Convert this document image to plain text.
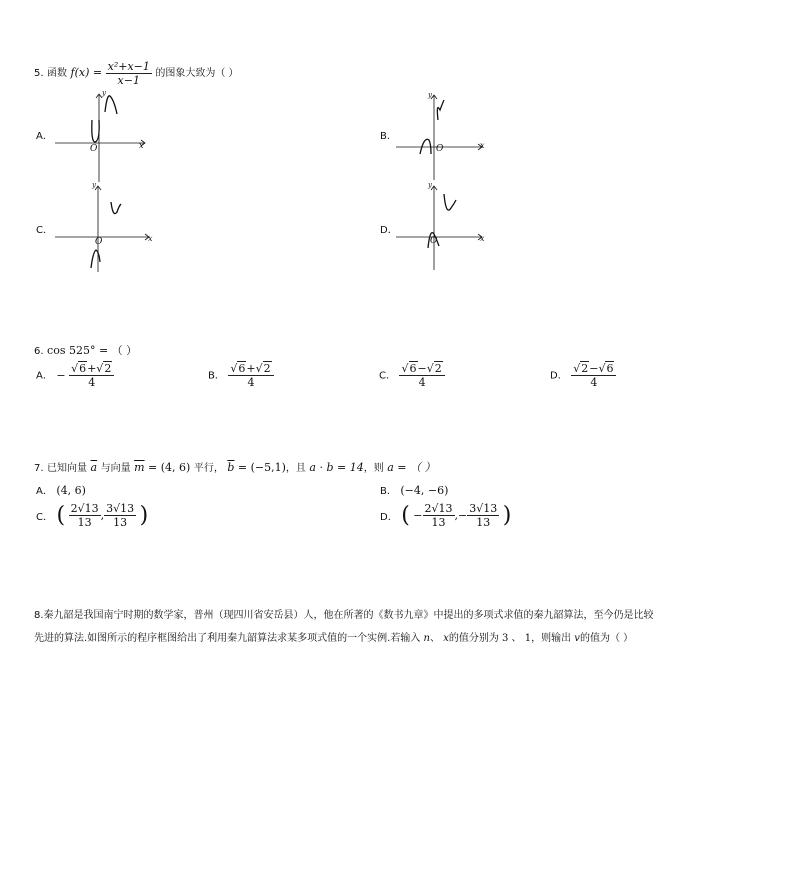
5. 函数 $f(x) = \frac{\text{x²+x−1}}{x-1}$ 的图象大致为（ ）
A．	B．
C．	D．
y
O	x
y
O	x
y
O	x
y
O	x
6. cos 525° = （ ）
A． − $\frac{√6+√2}{4}$	B． $\frac{√6+√2}{4}$	C． $\frac{√6-√2}{4}$	D． $\frac{√2-√6}{4}$
7. 已知向量 $\overline{a}$ 与向量 $\overline{m} = (4$, 6) 平行， $\overline{b} = (-5,1)$，且 a · b = 14，则 a = （ ）
A． (4, 6)	B． (−4, −6)
C． ( $\frac{2√13}{13}$ , $\frac{3√13}{13}$ )	D． ( − $\frac{2√13}{13}$ ,− $\frac{3√13}{13}$ )
8.秦九韶是我国南宁时期的数学家，普州（现四川省安岳县）人，他在所著的《数书九章》中提出的多项式求值的秦九韶算法，至今仍是比较
先进的算法.如图所示的程序框图给出了利用秦九韶算法求某多项式值的一个实例.若输入 n、 x的值分别为 3 、 1，则输出 v的值为（ ）
